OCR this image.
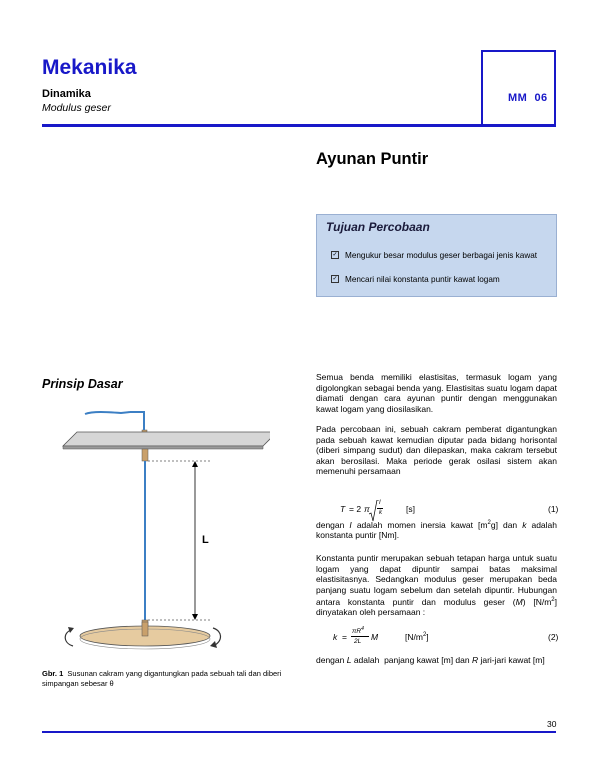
Mekanika
Dinamika
Modulus geser
MM  06
Ayunan Puntir
Tujuan Percobaan
✓ Mengukur besar modulus geser berbagai jenis kawat
✓ Mencari nilai konstanta puntir kawat logam
Prinsip Dasar
L
Gbr. 1  Susunan cakram yang digantungkan pada sebuah tali dan diberi simpangan sebesar θ
Semua benda memiliki elastisitas, termasuk logam yang digolongkan sebagai benda yang. Elastisitas suatu logam dapat diamati dengan cara ayunan puntir dengan menggunakan kawat logam yang diosilasikan.
Pada percobaan ini, sebuah cakram pemberat digantungkan pada sebuah kawat kemudian diputar pada bidang horisontal (diberi simpang sudut) dan dilepaskan, maka cakram tersebut akan berosilasi. Maka periode gerak osilasi sistem akan memenuhi persamaan
T = 2 π
I
k	[s]	(1)
dengan I adalah momen inersia kawat $[m^2g]$ dan k adalah konstanta puntir [Nm].
Konstanta puntir merupakan sebuah tetapan harga untuk suatu logam yang dapat dipuntir sampai batas maksimal elastisitasnya. Sedangkan modulus geser merupakan beda panjang suatu logam sebelum dan setelah dipuntir. Hubungan antara konstanta puntir dan modulus geser (M) $[N/m^2]$ dinyatakan oleh persamaan :
k =
$\pi R^4$
2L M	$[N/m^2]$	(2)
dengan L adalah  panjang kawat [m] dan R jari-jari kawat [m]
30
